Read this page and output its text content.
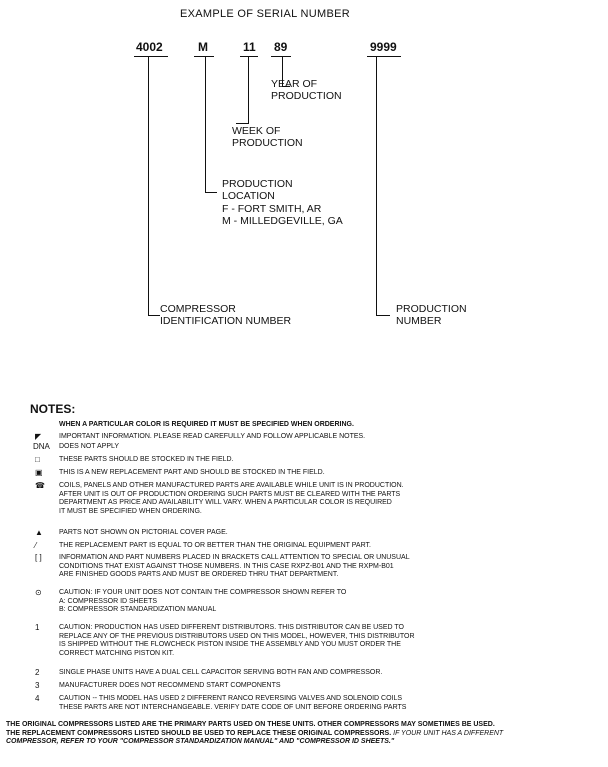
EXAMPLE OF SERIAL NUMBER
4002	M	11 89	9999
YEAR OF
PRODUCTION
WEEK OF
PRODUCTION
PRODUCTION
LOCATION
F - FORT SMITH, AR
M - MILLEDGEVILLE, GA
COMPRESSOR
IDENTIFICATION NUMBER
PRODUCTION
NUMBER
NOTES:
WHEN A PARTICULAR COLOR IS REQUIRED IT MUST BE SPECIFIED WHEN ORDERING.
◤	IMPORTANT INFORMATION. PLEASE READ CAREFULLY AND FOLLOW APPLICABLE NOTES.
DNA DOES NOT APPLY
□	THESE PARTS SHOULD BE STOCKED IN THE FIELD.
▣	THIS IS A NEW REPLACEMENT PART AND SHOULD BE STOCKED IN THE FIELD.
☎	COILS, PANELS AND OTHER MANUFACTURED PARTS ARE AVAILABLE WHILE UNIT IS IN PRODUCTION.
AFTER UNIT IS OUT OF PRODUCTION ORDERING SUCH PARTS MUST BE CLEARED WITH THE PARTS
DEPARTMENT AS PRICE AND AVAILABILITY WILL VARY. WHEN A PARTICULAR COLOR IS REQUIRED
IT MUST BE SPECIFIED WHEN ORDERING.
▲	PARTS NOT SHOWN ON PICTORIAL COVER PAGE.
⁄	THE REPLACEMENT PART IS EQUAL TO OR BETTER THAN THE ORIGINAL EQUIPMENT PART.
[ ]	INFORMATION AND PART NUMBERS PLACED IN BRACKETS CALL ATTENTION TO SPECIAL OR UNUSUAL
CONDITIONS THAT EXIST AGAINST THOSE NUMBERS. IN THIS CASE RXPZ-B01 AND THE RXPM-B01
ARE FINISHED GOODS PARTS AND MUST BE ORDERED THRU THAT DEPARTMENT.
⊙	CAUTION: IF YOUR UNIT DOES NOT CONTAIN THE COMPRESSOR SHOWN REFER TO
A: COMPRESSOR ID SHEETS
B: COMPRESSOR STANDARDIZATION MANUAL
1	CAUTION: PRODUCTION HAS USED DIFFERENT DISTRIBUTORS. THIS DISTRIBUTOR CAN BE USED TO
REPLACE ANY OF THE PREVIOUS DISTRIBUTORS USED ON THIS MODEL, HOWEVER, THIS DISTRIBUTOR
IS SHIPPED WITHOUT THE FLOWCHECK PISTON INSIDE THE ASSEMBLY AND YOU MUST ORDER THE
CORRECT MATCHING PISTON KIT.
2	SINGLE PHASE UNITS HAVE A DUAL CELL CAPACITOR SERVING BOTH FAN AND COMPRESSOR.
3	MANUFACTURER DOES NOT RECOMMEND START COMPONENTS
4	CAUTION -- THIS MODEL HAS USED 2 DIFFERENT RANCO REVERSING VALVES AND SOLENOID COILS
THESE PARTS ARE NOT INTERCHANGEABLE. VERIFY DATE CODE OF UNIT BEFORE ORDERING PARTS
THE ORIGINAL COMPRESSORS LISTED ARE THE PRIMARY PARTS USED ON THESE UNITS. OTHER COMPRESSORS MAY SOMETIMES BE USED.
THE REPLACEMENT COMPRESSORS LISTED SHOULD BE USED TO REPLACE THESE ORIGINAL COMPRESSORS. IF YOUR UNIT HAS A DIFFERENT
COMPRESSOR, REFER TO YOUR "COMPRESSOR STANDARDIZATION MANUAL" AND "COMPRESSOR ID SHEETS."
